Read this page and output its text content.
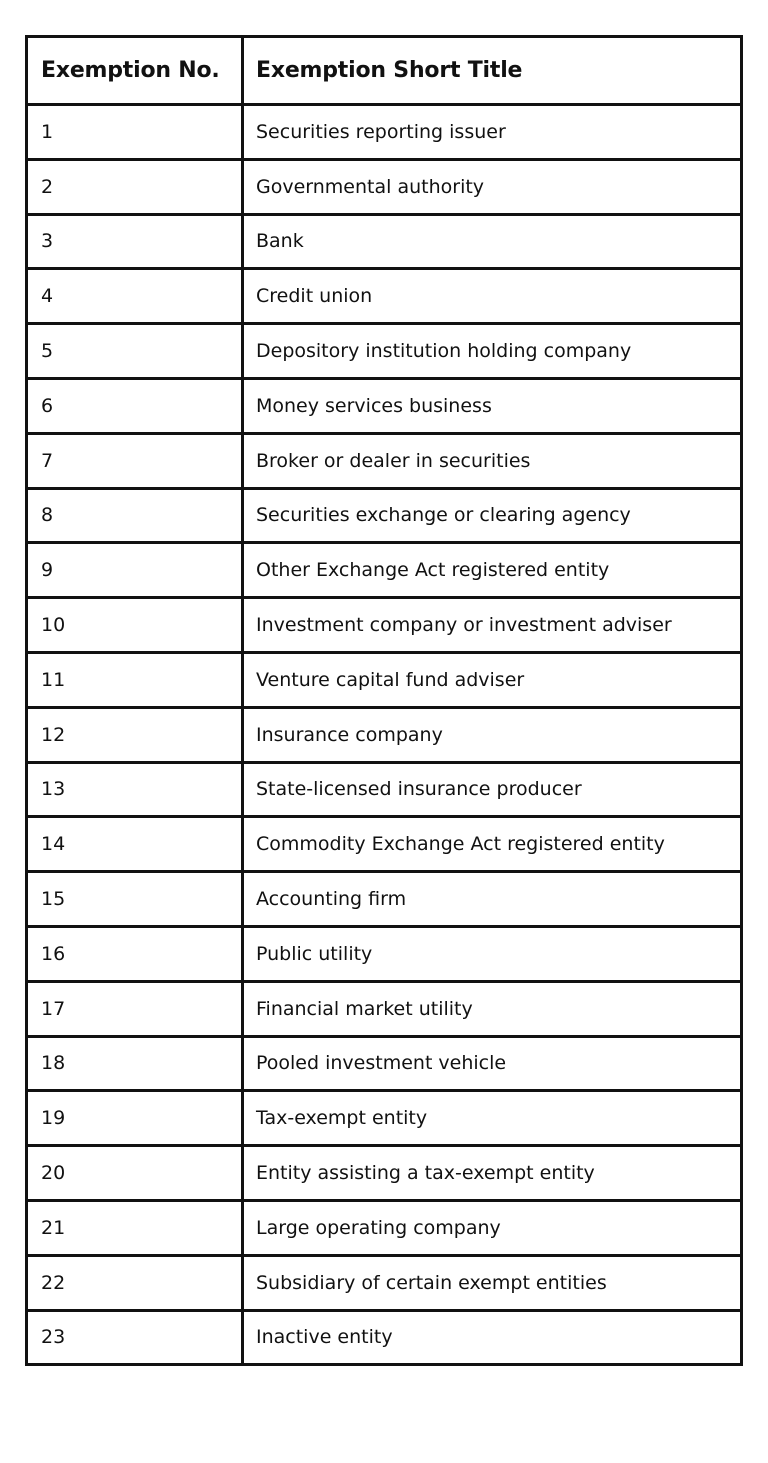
Exemption No.	Exemption Short Title
1	Securities reporting issuer
2	Governmental authority
3	Bank
4	Credit union
5	Depository institution holding company
6	Money services business
7	Broker or dealer in securities
8	Securities exchange or clearing agency
9	Other Exchange Act registered entity
10	Investment company or investment adviser
11	Venture capital fund adviser
12	Insurance company
13	State-licensed insurance producer
14	Commodity Exchange Act registered entity
15	Accounting firm
16	Public utility
17	Financial market utility
18	Pooled investment vehicle
19	Tax-exempt entity
20	Entity assisting a tax-exempt entity
21	Large operating company
22	Subsidiary of certain exempt entities
23	Inactive entity
